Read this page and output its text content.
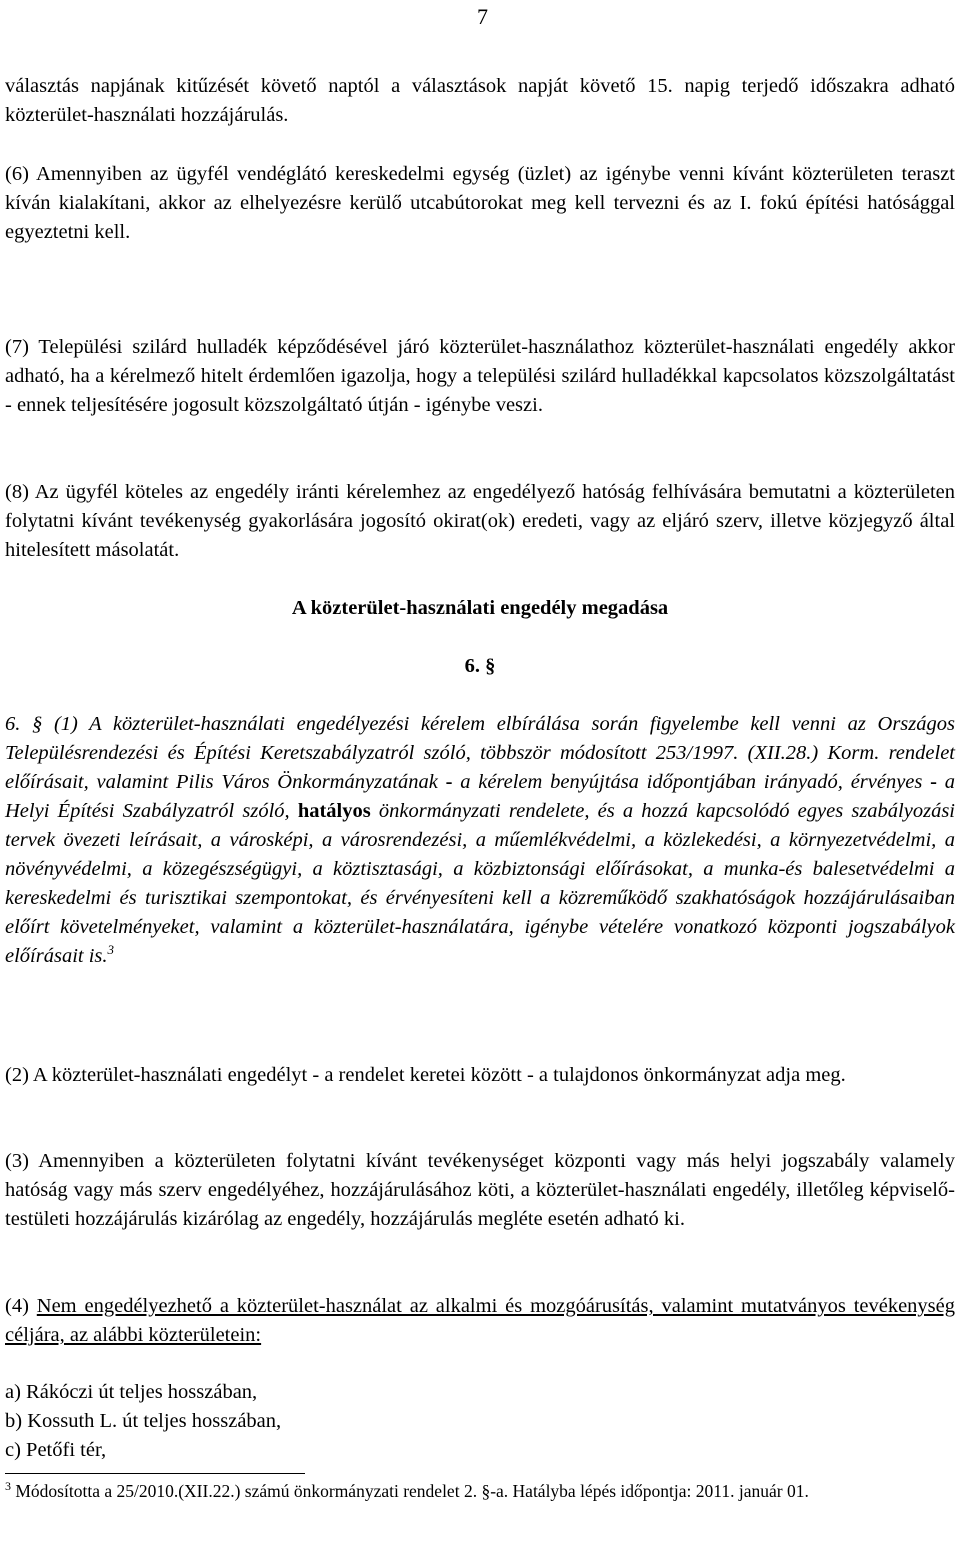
7

választás napjának kitűzését követő naptól a választások napját követő 15. napig terjedő időszakra adható közterület-használati hozzájárulás.

(6) Amennyiben az ügyfél vendéglátó kereskedelmi egység (üzlet) az igénybe venni kívánt közterületen teraszt kíván kialakítani, akkor az elhelyezésre kerülő utcabútorokat meg kell tervezni és az I. fokú építési hatósággal egyeztetni kell.

(7) Települési szilárd hulladék képződésével járó közterület-használathoz közterület-használati engedély akkor adható, ha a kérelmező hitelt érdemlően igazolja, hogy a települési szilárd hulladékkal kapcsolatos közszolgáltatást - ennek teljesítésére jogosult közszolgáltató útján - igénybe veszi.

(8) Az ügyfél köteles az engedély iránti kérelemhez az engedélyező hatóság felhívására bemutatni a közterületen folytatni kívánt tevékenység gyakorlására jogosító okirat(ok) eredeti, vagy az eljáró szerv, illetve közjegyző által hitelesített másolatát.

A közterület-használati engedély megadása
6. §

6. § (1) A közterület-használati engedélyezési kérelem elbírálása során figyelembe kell venni az Országos Településrendezési és Építési Keretszabályzatról szóló, többször módosított 253/1997. (XII.28.) Korm. rendelet előírásait, valamint Pilis Város Önkormányzatának - a kérelem benyújtása időpontjában irányadó, érvényes - a Helyi Építési Szabályzatról szóló, hatályos önkormányzati rendelete, és a hozzá kapcsolódó egyes szabályozási tervek övezeti leírásait, a városképi, a városrendezési, a műemlékvédelmi, a közlekedési, a környezetvédelmi, a növényvédelmi, a közegészségügyi, a köztisztasági, a közbiztonsági előírásokat, a munka-és balesetvédelmi a kereskedelmi és turisztikai szempontokat, és érvényesíteni kell a közreműködő szakhatóságok hozzájárulásaiban előírt követelményeket, valamint a közterület-használatára, igénybe vételére vonatkozó központi jogszabályok előírásait is.$^3$

(2) A közterület-használati engedélyt - a rendelet keretei között - a tulajdonos önkormányzat adja meg.

(3) Amennyiben a közterületen folytatni kívánt tevékenységet központi vagy más helyi jogszabály valamely hatóság vagy más szerv engedélyéhez, hozzájárulásához köti, a közterület-használati engedély, illetőleg képviselő-testületi hozzájárulás kizárólag az engedély, hozzájárulás megléte esetén adható ki.

(4) Nem engedélyezhető a közterület-használat az alkalmi és mozgóárusítás, valamint mutatványos tevékenység céljára, az alábbi közterületein:

a) Rákóczi út teljes hosszában,
b) Kossuth L. út teljes hosszában,
c) Petőfi tér,
$^3$ Módosította a 25/2010.(XII.22.) számú önkormányzati rendelet 2. §-a. Hatályba lépés időpontja: 2011. január 01.
